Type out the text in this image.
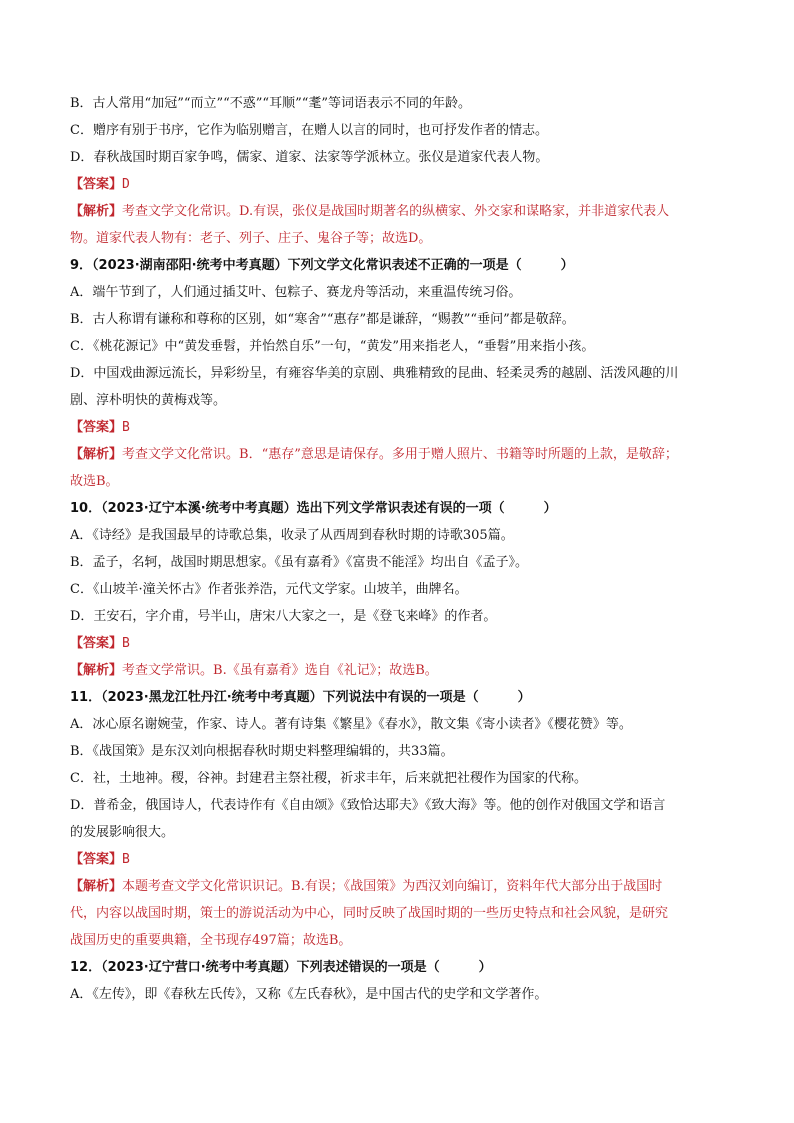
B．古人常用“加冠”“而立”“不惑”“耳顺”“耄”等词语表示不同的年龄。
C．赠序有别于书序，它作为临别赠言，在赠人以言的同时，也可抒发作者的情志。
D．春秋战国时期百家争鸣，儒家、道家、法家等学派林立。张仪是道家代表人物。
【答案】D
【解析】考查文学文化常识。D.有误，张仪是战国时期著名的纵横家、外交家和谋略家，并非道家代表人
物。道家代表人物有：老子、列子、庄子、鬼谷子等；故选D。
9．（2023·湖南邵阳·统考中考真题）下列文学文化常识表述不正确的一项是（　　　）
A．端午节到了，人们通过插艾叶、包粽子、赛龙舟等活动，来重温传统习俗。
B．古人称谓有谦称和尊称的区别，如“寒舍”“惠存”都是谦辞，“赐教”“垂问”都是敬辞。
C．《桃花源记》中“黄发垂髫，并怡然自乐”一句，“黄发”用来指老人，“垂髫”用来指小孩。
D．中国戏曲源远流长，异彩纷呈，有雍容华美的京剧、典雅精致的昆曲、轻柔灵秀的越剧、活泼风趣的川
剧、淳朴明快的黄梅戏等。
【答案】B
【解析】考查文学文化常识。B．“惠存”意思是请保存。多用于赠人照片、书籍等时所题的上款，是敬辞；
故选B。
10．（2023·辽宁本溪·统考中考真题）选出下列文学常识表述有误的一项（　　　）
A．《诗经》是我国最早的诗歌总集，收录了从西周到春秋时期的诗歌305篇。
B．孟子，名轲，战国时期思想家。《虽有嘉肴》《富贵不能淫》均出自《孟子》。
C．《山坡羊·潼关怀古》作者张养浩，元代文学家。山坡羊，曲牌名。
D．王安石，字介甫，号半山，唐宋八大家之一，是《登飞来峰》的作者。
【答案】B
【解析】考查文学常识。B.《虽有嘉肴》选自《礼记》；故选B。
11．（2023·黑龙江牡丹江·统考中考真题）下列说法中有误的一项是（　　　）
A．冰心原名谢婉莹，作家、诗人。著有诗集《繁星》《春水》，散文集《寄小读者》《樱花赞》等。
B．《战国策》是东汉刘向根据春秋时期史料整理编辑的，共33篇。
C．社，土地神。稷，谷神。封建君主祭社稷，祈求丰年，后来就把社稷作为国家的代称。
D．普希金，俄国诗人，代表诗作有《自由颂》《致恰达耶夫》《致大海》等。他的创作对俄国文学和语言
的发展影响很大。
【答案】B
【解析】本题考查文学文化常识识记。B.有误；《战国策》为西汉刘向编订，资料年代大部分出于战国时
代，内容以战国时期，策士的游说活动为中心，同时反映了战国时期的一些历史特点和社会风貌，是研究
战国历史的重要典籍，全书现存497篇；故选B。
12．（2023·辽宁营口·统考中考真题）下列表述错误的一项是（　　　）
A．《左传》，即《春秋左氏传》，又称《左氏春秋》，是中国古代的史学和文学著作。
